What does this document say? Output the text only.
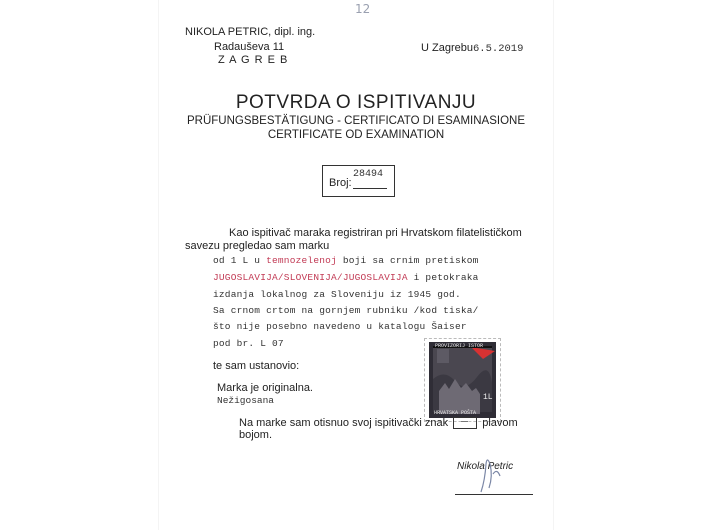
12
NIKOLA PETRIC, dipl. ing.
Radauševa 11
Z A G R E B
U Zagrebu6.5.2019
POTVRDA O ISPITIVANJU
PRÜFUNGSBESTÄTIGUNG - CERTIFICATO DI ESAMINASIONE
CERTIFICATE OD EXAMINATION
Broj:
28494
Kao ispitivač maraka registriran pri Hrvatskom filatelističkom
savezu pregledao sam marku
od 1 L u temnozelenoj boji sa crnim pretiskom
JUGOSLAVIJA/SLOVENIJA/JUGOSLAVIJA i petokraka
izdanja lokalnog za Sloveniju iz 1945 god.
Sa crnom crtom na gornjem rubniku /kod tiska/
što nije posebno navedeno u katalogu Šaiser
pod br. L 07
te sam ustanovio:
Marka je originalna.
Nežigosana
PROVIZORIJ ISTOR
HRVATSKA POŠTA
1L
Na marke sam otisnuo svoj ispitivački znak	plavom bojom.
Nikola Petric
